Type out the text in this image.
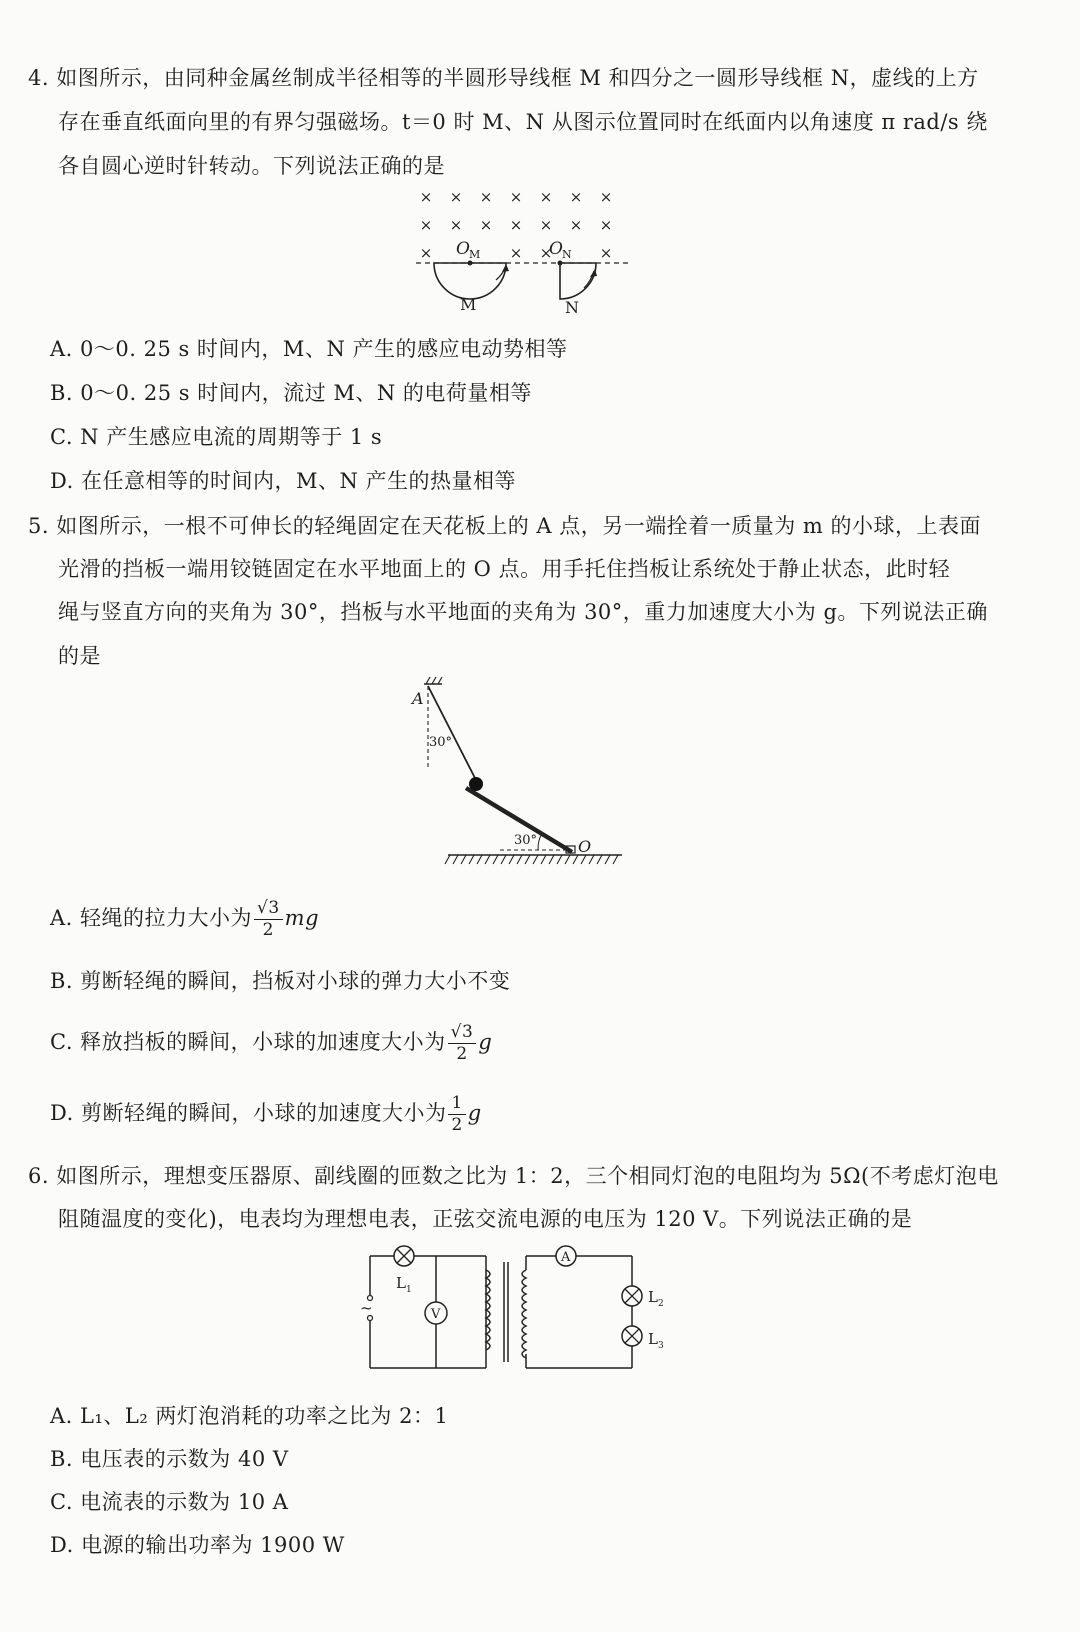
4. 如图所示，由同种金属丝制成半径相等的半圆形导线框 M 和四分之一圆形导线框 N，虚线的上方
存在垂直纸面向里的有界匀强磁场。t＝0 时 M、N 从图示位置同时在纸面内以角速度 π rad/s 绕
各自圆心逆时针转动。下列说法正确的是
× × × × × × ×
× × × × × × ×
×	× ×	×
O M
M
O N
N
A. 0～0. 25 s 时间内，M、N 产生的感应电动势相等
B. 0～0. 25 s 时间内，流过 M、N 的电荷量相等
C. N 产生感应电流的周期等于 1 s
D. 在任意相等的时间内，M、N 产生的热量相等
5. 如图所示，一根不可伸长的轻绳固定在天花板上的 A 点，另一端拴着一质量为 m 的小球，上表面
光滑的挡板一端用铰链固定在水平地面上的 O 点。用手托住挡板让系统处于静止状态，此时轻
绳与竖直方向的夹角为 30°，挡板与水平地面的夹角为 30°，重力加速度大小为 g。下列说法正确
的是
A
30°
30°	O
A. 轻绳的拉力大小为 $\frac{√3}{2}$ mg
B. 剪断轻绳的瞬间，挡板对小球的弹力大小不变
C. 释放挡板的瞬间，小球的加速度大小为 $\frac{√3}{2}$ g
D. 剪断轻绳的瞬间，小球的加速度大小为 $\frac{1}{2}$ g
6. 如图所示，理想变压器原、副线圈的匝数之比为 1：2，三个相同灯泡的电阻均为 5Ω(不考虑灯泡电
阻随温度的变化)，电表均为理想电表，正弦交流电源的电压为 120 V。下列说法正确的是
L 1
~	V
A
L 2
L 3
A. L₁、L₂ 两灯泡消耗的功率之比为 2：1
B. 电压表的示数为 40 V
C. 电流表的示数为 10 A
D. 电源的输出功率为 1900 W
